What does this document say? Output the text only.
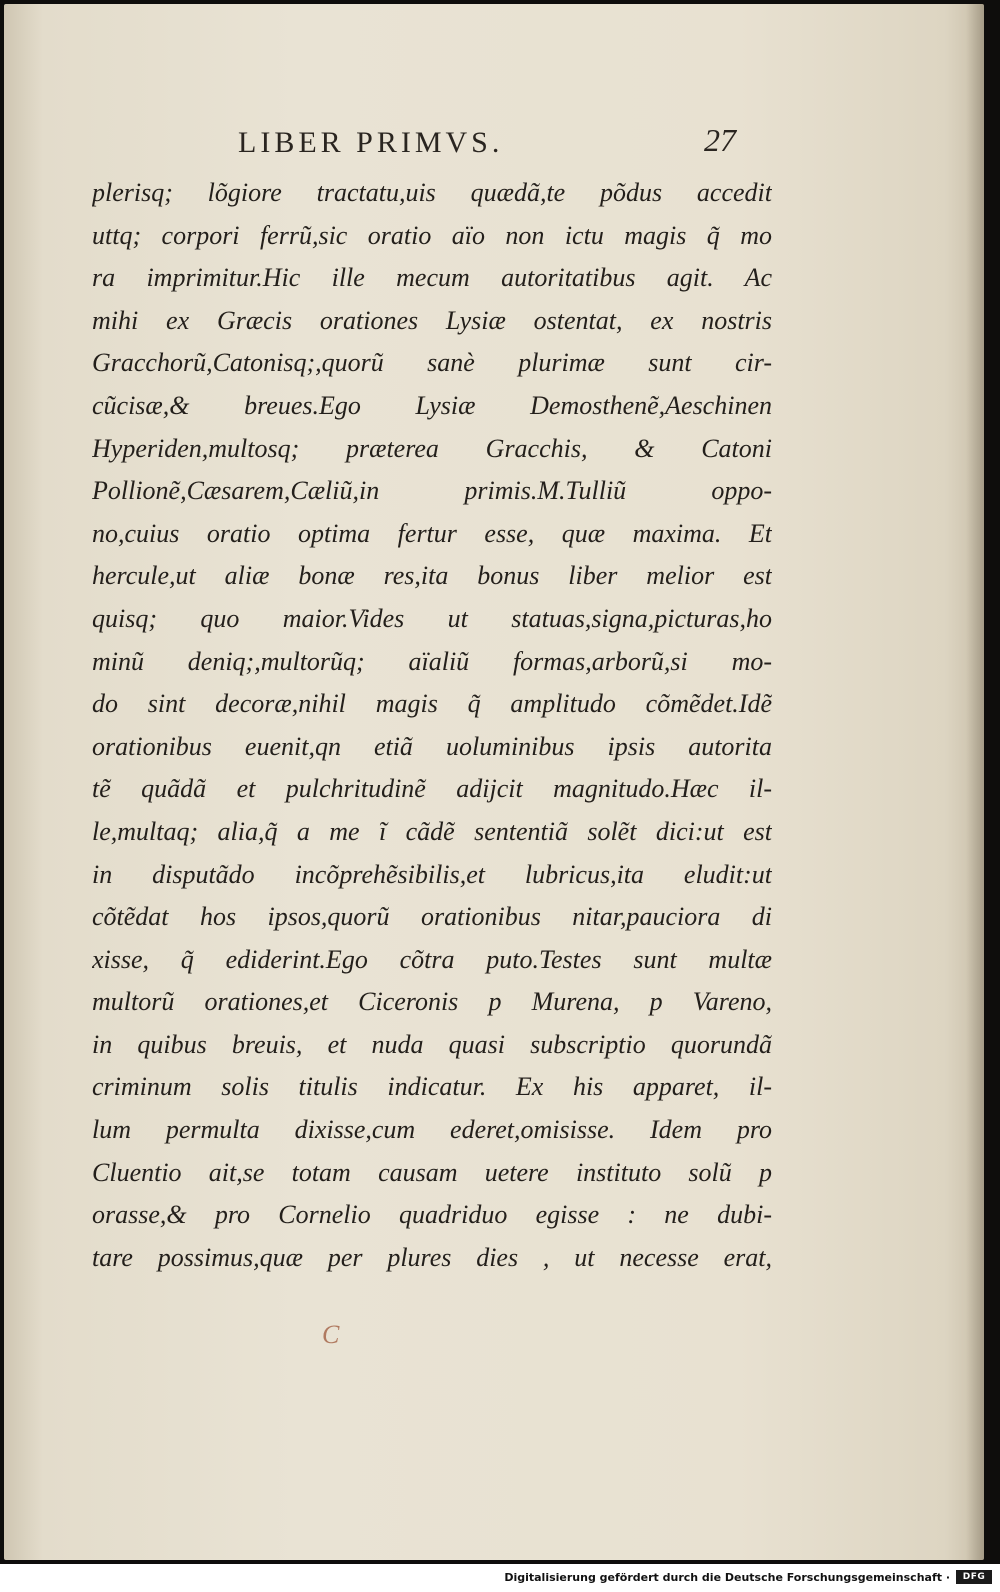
LIBER PRIMVS.	27
plerisq; lõgiore tractatu,uis quædã,te põdus accedit
uttq; corpori ferrũ,sic oratio aïo non ictu magis q̃ mo
ra imprimitur.Hic ille mecum autoritatibus agit. Ac
mihi ex Græcis orationes Lysiæ ostentat, ex nostris
Gracchorũ,Catonisq;,quorũ sanè plurimæ sunt cir-
cũcisæ,& breues.Ego Lysiæ Demosthenẽ,Aeschinen
Hyperiden,multosq; præterea Gracchis, & Catoni
Pollionẽ,Cæsarem,Cæliũ,in primis.M.Tulliũ oppo-
no,cuius oratio optima fertur esse, quæ maxima. Et
hercule,ut aliæ bonæ res,ita bonus liber melior est
quisq; quo maior.Vides ut statuas,signa,picturas,ho
minũ deniq;,multorũq; aïaliũ formas,arborũ,si mo-
do sint decoræ,nihil magis q̃ amplitudo cõmẽdet.Idẽ
orationibus euenit,qn etiã uoluminibus ipsis autorita
tẽ quãdã et pulchritudinẽ adijcit magnitudo.Hæc il-
le,multaq; alia,q̃ a me ĩ cãdẽ sententiã solẽt dici:ut est
in disputãdo incõprehẽsibilis,et lubricus,ita eludit:ut
cõtẽdat hos ipsos,quorũ orationibus nitar,pauciora di
xisse, q̃ ediderint.Ego cõtra puto.Testes sunt multæ
multorũ orationes,et Ciceronis p Murena, p Vareno,
in quibus breuis, et nuda quasi subscriptio quorundã
criminum solis titulis indicatur. Ex his apparet, il-
lum permulta dixisse,cum ederet,omisisse. Idem pro
Cluentio ait,se totam causam uetere instituto solũ p
orasse,& pro Cornelio quadriduo egisse : ne dubi-
tare possimus,quæ per plures dies , ut necesse erat,
C
Digitalisierung gefördert durch die Deutsche Forschungsgemeinschaft ·	DFG
